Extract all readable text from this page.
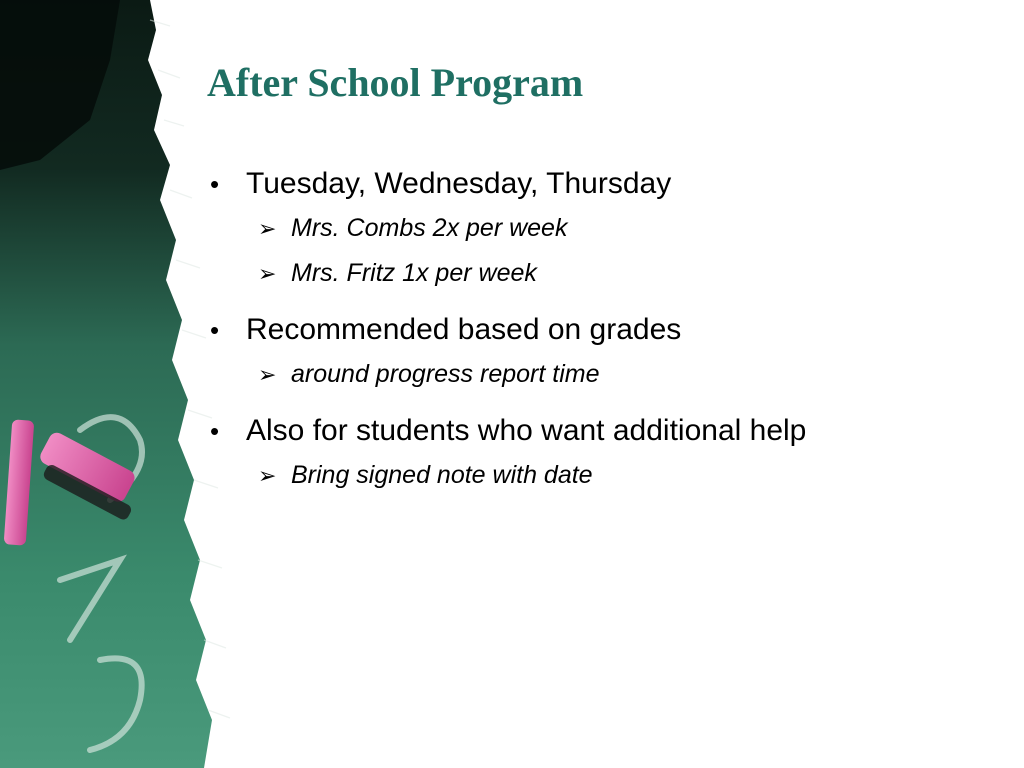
After School Program
• Tuesday, Wednesday, Thursday
➢ Mrs. Combs 2x per week
➢ Mrs. Fritz 1x per week
• Recommended based on grades
➢ around progress report time
• Also for students who want additional help
➢ Bring signed note with date
